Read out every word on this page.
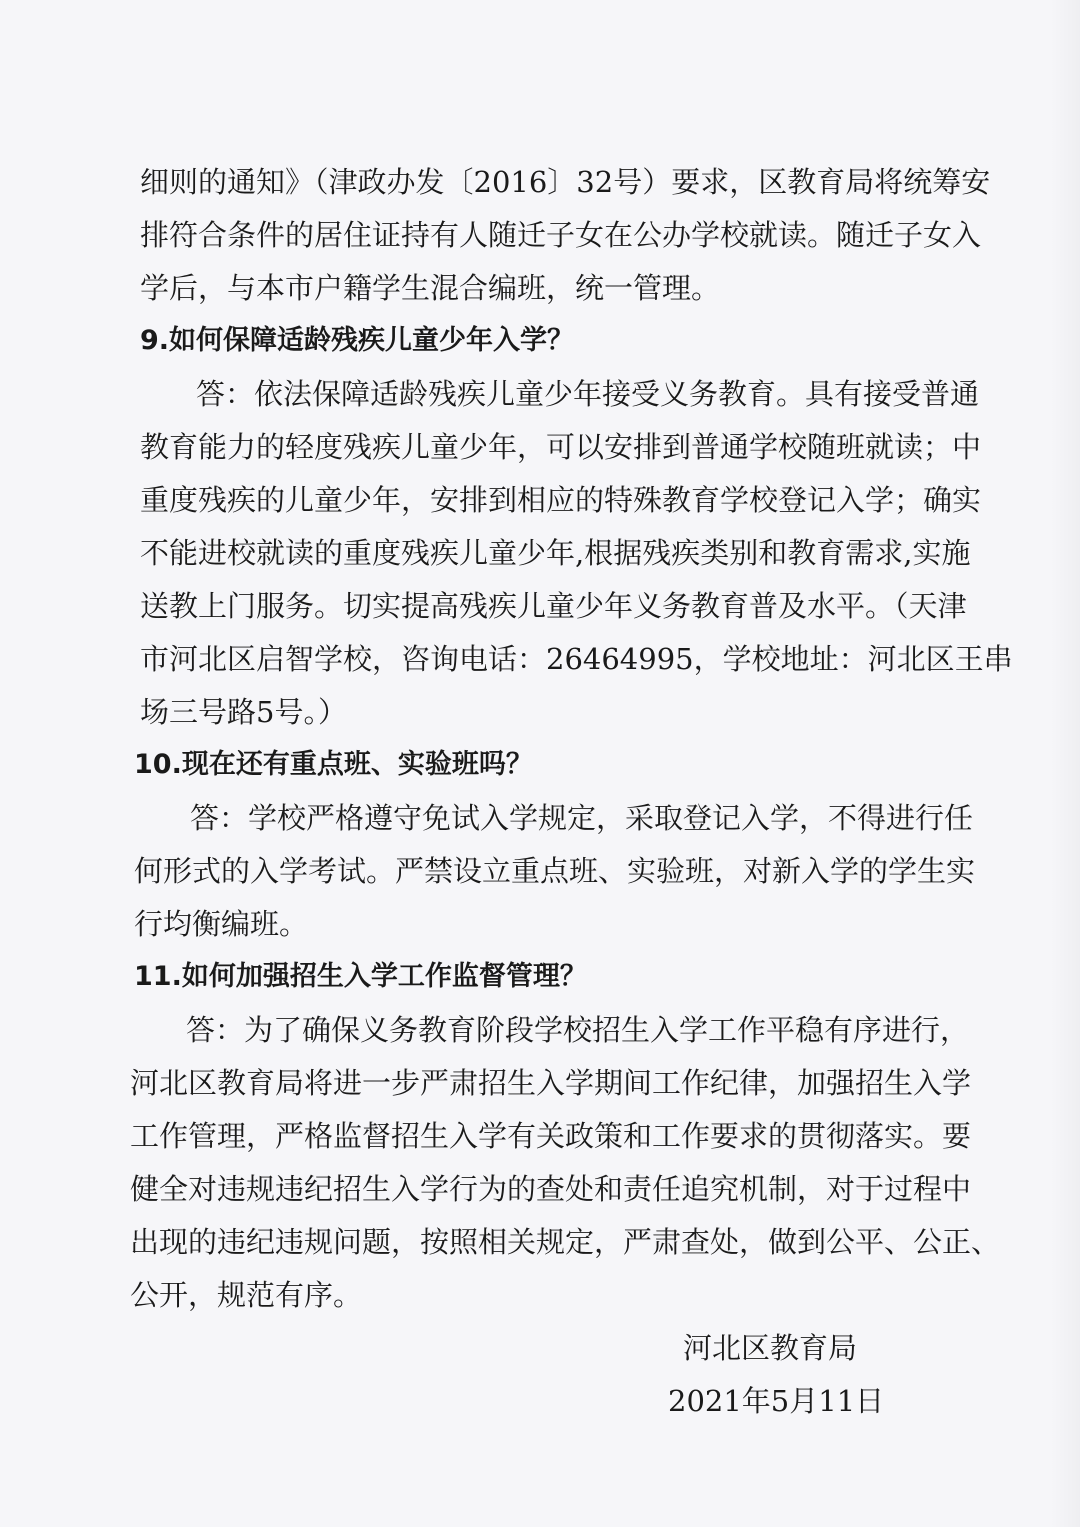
细则的通知》（津政办发〔2016〕32号）要求，区教育局将统筹安
排符合条件的居住证持有人随迁子女在公办学校就读。随迁子女入
学后，与本市户籍学生混合编班，统一管理。
9.如何保障适龄残疾儿童少年入学？
答：依法保障适龄残疾儿童少年接受义务教育。具有接受普通
教育能力的轻度残疾儿童少年，可以安排到普通学校随班就读；中
重度残疾的儿童少年，安排到相应的特殊教育学校登记入学；确实
不能进校就读的重度残疾儿童少年,根据残疾类别和教育需求,实施
送教上门服务。切实提高残疾儿童少年义务教育普及水平。（天津
市河北区启智学校，咨询电话：26464995，学校地址：河北区王串
场三号路5号。）
10.现在还有重点班、实验班吗？
答：学校严格遵守免试入学规定，采取登记入学，不得进行任
何形式的入学考试。严禁设立重点班、实验班，对新入学的学生实
行均衡编班。
11.如何加强招生入学工作监督管理？
答：为了确保义务教育阶段学校招生入学工作平稳有序进行，
河北区教育局将进一步严肃招生入学期间工作纪律，加强招生入学
工作管理，严格监督招生入学有关政策和工作要求的贯彻落实。要
健全对违规违纪招生入学行为的查处和责任追究机制，对于过程中
出现的违纪违规问题，按照相关规定，严肃查处，做到公平、公正、
公开，规范有序。
河北区教育局
2021年5月11日
